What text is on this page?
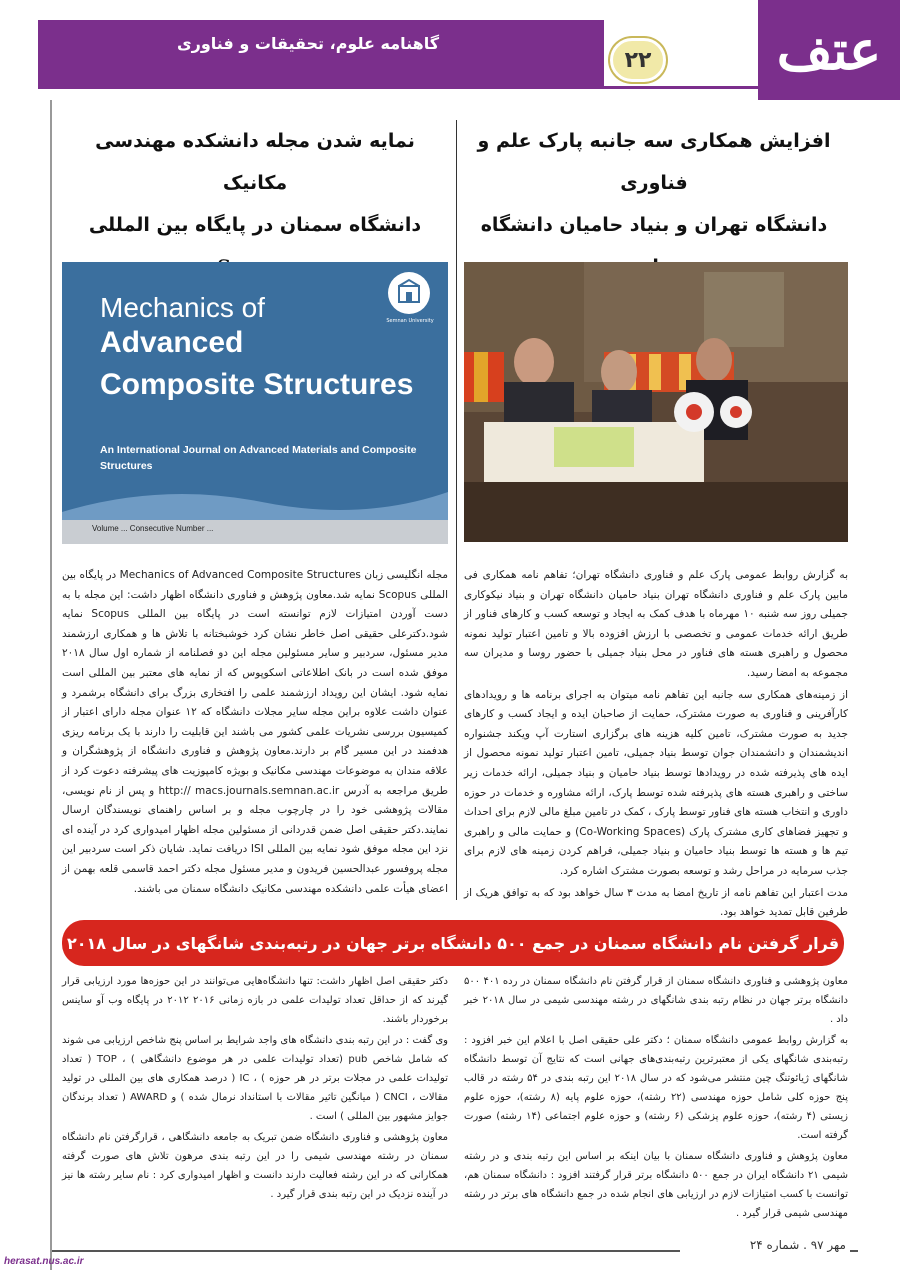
گاهنامه علوم، تحقیقات و فناوری
۲۲	عتف
افزایش همکاری سه جانبه پارک علم و فناوری
دانشگاه تهران و بنیاد حامیان دانشگاه

به گزارش روابط عمومی پارک علم و فناوری دانشگاه تهران؛ تفاهم نامه همکاری فی مابین پارک علم و فناوری دانشگاه تهران بنیاد حامیان دانشگاه تهران و بنیاد نیکوکاری جمیلی روز سه شنبه ۱۰ مهرماه با هدف کمک به ایجاد و توسعه کسب و کارهای فناور از طریق ارائه خدمات عمومی و تخصصی با ارزش افزوده بالا و تامین اعتبار تولید نمونه محصول و راهبری هسته های فناور در محل بنیاد جمیلی با حضور روسا و مدیران سه مجموعه به امضا رسید.

از زمینه‌های همکاری سه جانبه این تفاهم نامه میتوان به اجرای برنامه ها و رویدادهای کارآفرینی و فناوری به صورت مشترک، حمایت از صاحبان ایده و ایجاد کسب و کارهای جدید به صورت مشترک، تامین کلیه هزینه های برگزاری استارت آپ ویکند جشنواره اندیشمندان و دانشمندان جوان توسط بنیاد جمیلی، تامین اعتبار تولید نمونه محصول از ایده های پذیرفته شده در رویدادها توسط بنیاد حامیان و بنیاد جمیلی، ارائه خدمات زیر ساختی و راهبری هسته های پذیرفته شده توسط پارک، ارائه مشاوره و خدمات در حوزه داوری و انتخاب هسته های فناور توسط پارک ، کمک در تامین مبلغ مالی لازم برای احداث و تجهیز فضاهای کاری مشترک پارک (Co-Working Spaces) و حمایت مالی و راهبری تیم ها و هسته ها توسط بنیاد حامیان و بنیاد جمیلی، فراهم کردن زمینه های لازم برای جذب سرمایه در مراحل رشد و توسعه بصورت مشترک اشاره کرد.

مدت اعتبار این تفاهم نامه از تاریخ امضا به مدت ۳ سال خواهد بود که به توافق هریک از طرفین قابل تمدید خواهد بود.

نمایه شدن مجله دانشکده مهندسی مکانیک
دانشگاه سمنان در پایگاه بین المللی
Mechanics of
Advanced
Composite Structures
An International Journal on Advanced Materials and Composite Structures
Semnan University
Volume ... Consecutive Number ...

مجله انگلیسی زبان Mechanics of Advanced Composite Structures در پایگاه بین المللی Scopus نمایه شد.معاون پژوهش و فناوری دانشگاه اظهار داشت: این مجله با به دست آوردن امتیازات لازم توانسته است در پایگاه بین المللی Scopus نمایه شود.دکترعلی حقیقی اصل خاطر نشان کرد خوشبختانه با تلاش ها و همکاری ارزشمند مدیر مسئول، سردبیر و سایر مسئولین مجله این دو فصلنامه از شماره اول سال ۲۰۱۸ موفق شده است در بانک اطلاعاتی اسکوپوس که از نمایه های معتبر بین المللی است نمایه شود. ایشان این رویداد ارزشمند علمی را افتخاری بزرگ برای دانشگاه برشمرد و عنوان داشت علاوه براین مجله سایر مجلات دانشگاه که ۱۲ عنوان مجله دارای اعتبار از کمیسیون بررسی نشریات علمی کشور می باشند این قابلیت را دارند با یک برنامه ریزی هدفمند در این مسیر گام بر دارند.معاون پژوهش و فناوری دانشگاه از پژوهشگران و علاقه مندان به موضوعات مهندسی مکانیک و بویژه کامپوزیت های پیشرفته دعوت کرد از طریق مراجعه به آدرس http:// macs.journals.semnan.ac.ir و پس از نام نویسی، مقالات پژوهشی خود را در چارچوب مجله و بر اساس راهنمای نویسندگان ارسال نمایند.دکتر حقیقی اصل ضمن قدردانی از مسئولین مجله اظهار امیدواری کرد در آینده ای نزد این مجله موفق شود نمایه بین المللی ISI دریافت نماید. شایان ذکر است سردبیر این مجله پروفسور عبدالحسین فریدون و مدیر مسئول مجله دکتر احمد قاسمی قلعه بهمن از اعضای هیأت علمی دانشکده مهندسی مکانیک دانشگاه سمنان می باشند.

قرار گرفتن نام دانشگاه سمنان در جمع ۵۰۰ دانشگاه برتر جهان در رتبه‌بندی شانگهای در سال ۲۰۱۸

معاون پژوهشی و فناوری دانشگاه سمنان از قرار گرفتن نام دانشگاه سمنان در رده ۴۰۱ ۵۰۰ دانشگاه برتر جهان در نظام رتبه بندی شانگهای در رشته مهندسی شیمی در سال ۲۰۱۸ خبر داد .

به گزارش روابط عمومی دانشگاه سمنان ؛ دکتر علی حقیقی اصل با اعلام این خبر افزود : رتبه‌بندی شانگهای یکی از معتبرترین رتبه‌بندی‌های جهانی است که نتایج آن توسط دانشگاه شانگهای ژیائوتنگ چین منتشر می‌شود که در سال ۲۰۱۸ این رتبه بندی در ۵۴ رشته در قالب پنج حوزه کلی شامل حوزه مهندسی (۲۲ رشته)، حوزه علوم پایه (۸ رشته)، حوزه علوم زیستی (۴ رشته)، حوزه علوم پزشکی (۶ رشته) و حوزه علوم اجتماعی (۱۴ رشته) صورت گرفته است.

معاون پژوهش و فناوری دانشگاه سمنان با بیان اینکه بر اساس این رتبه بندی و در رشته شیمی ۲۱ دانشگاه ایران در جمع ۵۰۰ دانشگاه برتر قرار گرفتند افزود : دانشگاه سمنان هم، توانست با کسب امتیازات لازم در ارزیابی های انجام شده در جمع دانشگاه های برتر در رشته مهندسی شیمی قرار گیرد .

دکتر حقیقی اصل اظهار داشت: تنها دانشگاه‌هایی می‌توانند در این حوزه‌ها مورد ارزیابی قرار گیرند که از حداقل تعداد تولیدات علمی در بازه زمانی ۲۰۱۶ ۲۰۱۲ در پایگاه وب آو ساینس برخوردار باشند.

وی گفت : در این رتبه بندی دانشگاه های واجد شرایط بر اساس پنج شاخص ارزیابی می شوند که شامل شاخص pub (تعداد تولیدات علمی در هر موضوع دانشگاهی ) ، TOP ( تعداد تولیدات علمی در مجلات برتر در هر حوزه ) ، IC ( درصد همکاری های بین المللی در تولید مقالات ، CNCI ( میانگین تاثیر مقالات با استانداد نرمال شده ) و AWARD ( تعداد برندگان جوایز مشهور بین المللی ) است .

معاون پژوهشی و فناوری دانشگاه ضمن تبریک به جامعه دانشگاهی ، قرارگرفتن نام دانشگاه سمنان در رشته مهندسی شیمی را در این رتبه بندی مرهون تلاش های صورت گرفته همکارانی که در این رشته فعالیت دارند دانست و اظهار امیدواری کرد : نام سایر رشته ها نیز در آینده نزدیک در این رتبه بندی قرار گیرد .

مهر ۹۷ . شماره ۲۴
herasat.nus.ac.ir
